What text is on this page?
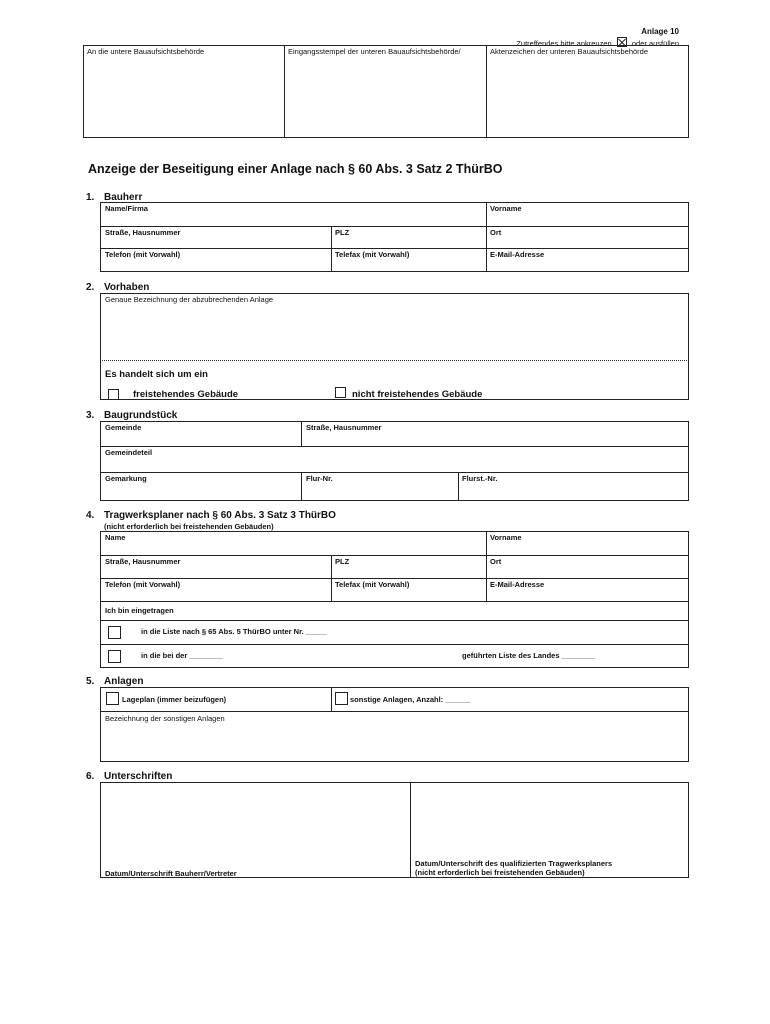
Anlage 10
Zutreffendes bitte ankreuzen	oder ausfüllen
An die untere Bauaufsichtsbehörde	Eingangsstempel der unteren Bauaufsichtsbehörde/	Aktenzeichen der unteren Bauaufsichtsbehörde
Anzeige der Beseitigung einer Anlage nach § 60 Abs. 3 Satz 2 ThürBO
1. Bauherr
Name/Firma	Vorname
Straße, Hausnummer	PLZ	Ort
Telefon (mit Vorwahl)	Telefax (mit Vorwahl)	E-Mail-Adresse
2. Vorhaben
Genaue Bezeichnung der abzubrechenden Anlage
Es handelt sich um ein
freistehendes Gebäude	nicht freistehendes Gebäude
3. Baugrundstück
Gemeinde	Straße, Hausnummer
Gemeindeteil
Gemarkung	Flur-Nr.	Flurst.-Nr.
4. Tragwerksplaner nach § 60 Abs. 3 Satz 3 ThürBO
(nicht erforderlich bei freistehenden Gebäuden)
Name	Vorname
Straße, Hausnummer	PLZ	Ort
Telefon (mit Vorwahl)	Telefax (mit Vorwahl)	E-Mail-Adresse
Ich bin eingetragen
in die Liste nach § 65 Abs. 5 ThürBO unter Nr. _____
in die bei der ________	geführten Liste des Landes ________
5. Anlagen
Lageplan (immer beizufügen)	sonstige Anlagen, Anzahl: ______
Bezeichnung der sonstigen Anlagen
6. Unterschriften
Datum/Unterschrift Bauherr/Vertreter
Datum/Unterschrift des qualifizierten Tragwerksplaners
(nicht erforderlich bei freistehenden Gebäuden)
